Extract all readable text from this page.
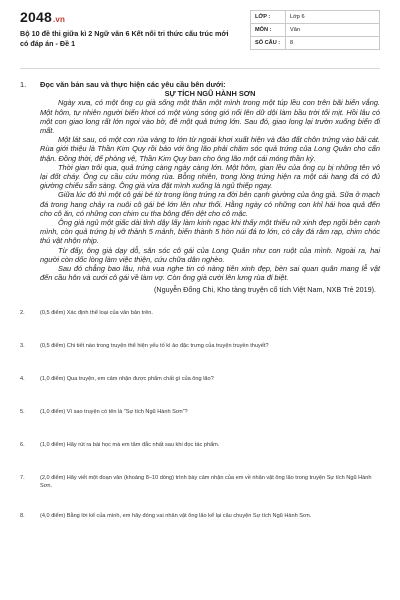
2048.vn
Bộ 10 đề thi giữa kì 2 Ngữ văn 6 Kết nối tri thức cấu trúc mới có đáp án - Đề 1
LỚP :	Lớp 6
MÔN :	Văn
SỐ CÂU :	8
1.	Đọc văn bản sau và thực hiện các yêu cầu bên dưới:

SỰ TÍCH NGŨ HÀNH SƠN

Ngày xưa, có một ông cụ già sống một thân một mình trong một túp lều con trên bãi biển vắng. Một hôm, tự nhiên người biển khơi có một vùng sóng gió nổi lên dữ dội làm bầu trời tối mịt. Hồi lâu có một con giao long rất lớn ngoi vào bờ, đẻ một quả trứng lớn. Sau đó, giao long lại trườn xuống biển đi mất.

Một lát sau, có một con rùa vàng to lớn từ ngoài khơi xuất hiện và đào đất chôn trứng vào bãi cát. Rùa giới thiệu là Thần Kim Quy rồi bảo với ông lão phải chăm sóc quả trứng của Long Quân cho cẩn thận. Đồng thời, để phòng vệ, Thần Kim Quy ban cho ông lão một cái móng thần kỳ.

Thời gian trôi qua, quả trứng càng ngày càng lớn. Một hôm, gian lều của ông cụ bị những tên vô lại đốt cháy. Ông cụ cầu cứu móng rùa. Bỗng nhiên, trong lòng trứng hiện ra một cái hang đá có đủ giường chiếu sẵn sàng. Ông già vừa đặt mình xuống là ngủ thiếp ngay.

Giữa lúc đó thì một cô gái bé từ trong lòng trứng ra đời bên cạnh giường của ông già. Sữa ở mạch đá trong hang chảy ra nuôi cô gái bé lớn lên như thổi. Hằng ngày có những con khỉ hái hoa quả đến cho cô ăn, có những con chim cu tha bông đến dệt cho cô mặc.

Ông già ngủ một giấc dài tỉnh dậy lấy làm kinh ngạc khi thấy một thiếu nữ xinh đẹp ngồi bên cạnh mình, còn quả trứng bị vỡ thành 5 mảnh, biến thành 5 hòn núi đá to lớn, có cây đá râm rạp, chim chóc thú vật nhộn nhịp.

Từ đấy, ông già dạy dỗ, săn sóc cô gái của Long Quân như con ruột của mình. Ngoài ra, hai người còn dốc lòng làm việc thiện, cứu chữa dân nghèo.

Sau đó chẳng bao lâu, nhà vua nghe tin có nàng tiên xinh đẹp, bèn sai quan quân mang lễ vật đến cầu hôn và cưới cô gái về làm vợ. Còn ông già cười lên lưng rùa đi biệt.

(Nguyễn Đổng Chi, Kho tàng truyện cổ tích Việt Nam, NXB Trẻ 2019).
2.	(0,5 điểm) Xác định thể loại của văn bản trên.
3.	(0,5 điểm) Chi tiết nào trong truyện thể hiện yếu tố kì ảo đặc trưng của truyện truyền thuyết?
4.	(1,0 điểm) Qua truyện, em cảm nhận được phẩm chất gì của ông lão?
5.	(1,0 điểm) Vì sao truyện có tên là “Sự tích Ngũ Hành Sơn”?
6.	(1,0 điểm) Hãy rút ra bài học mà em tâm đắc nhất sau khi đọc tác phẩm.
7.	(2,0 điểm) Hãy viết một đoạn văn (khoảng 8–10 dòng) trình bày cảm nhận của em về nhân vật ông lão trong truyện Sự tích Ngũ Hành Sơn.
8.	(4,0 điểm) Bằng lời kể của mình, em hãy đóng vai nhân vật ông lão kể lại câu chuyện Sự tích Ngũ Hành Sơn.
